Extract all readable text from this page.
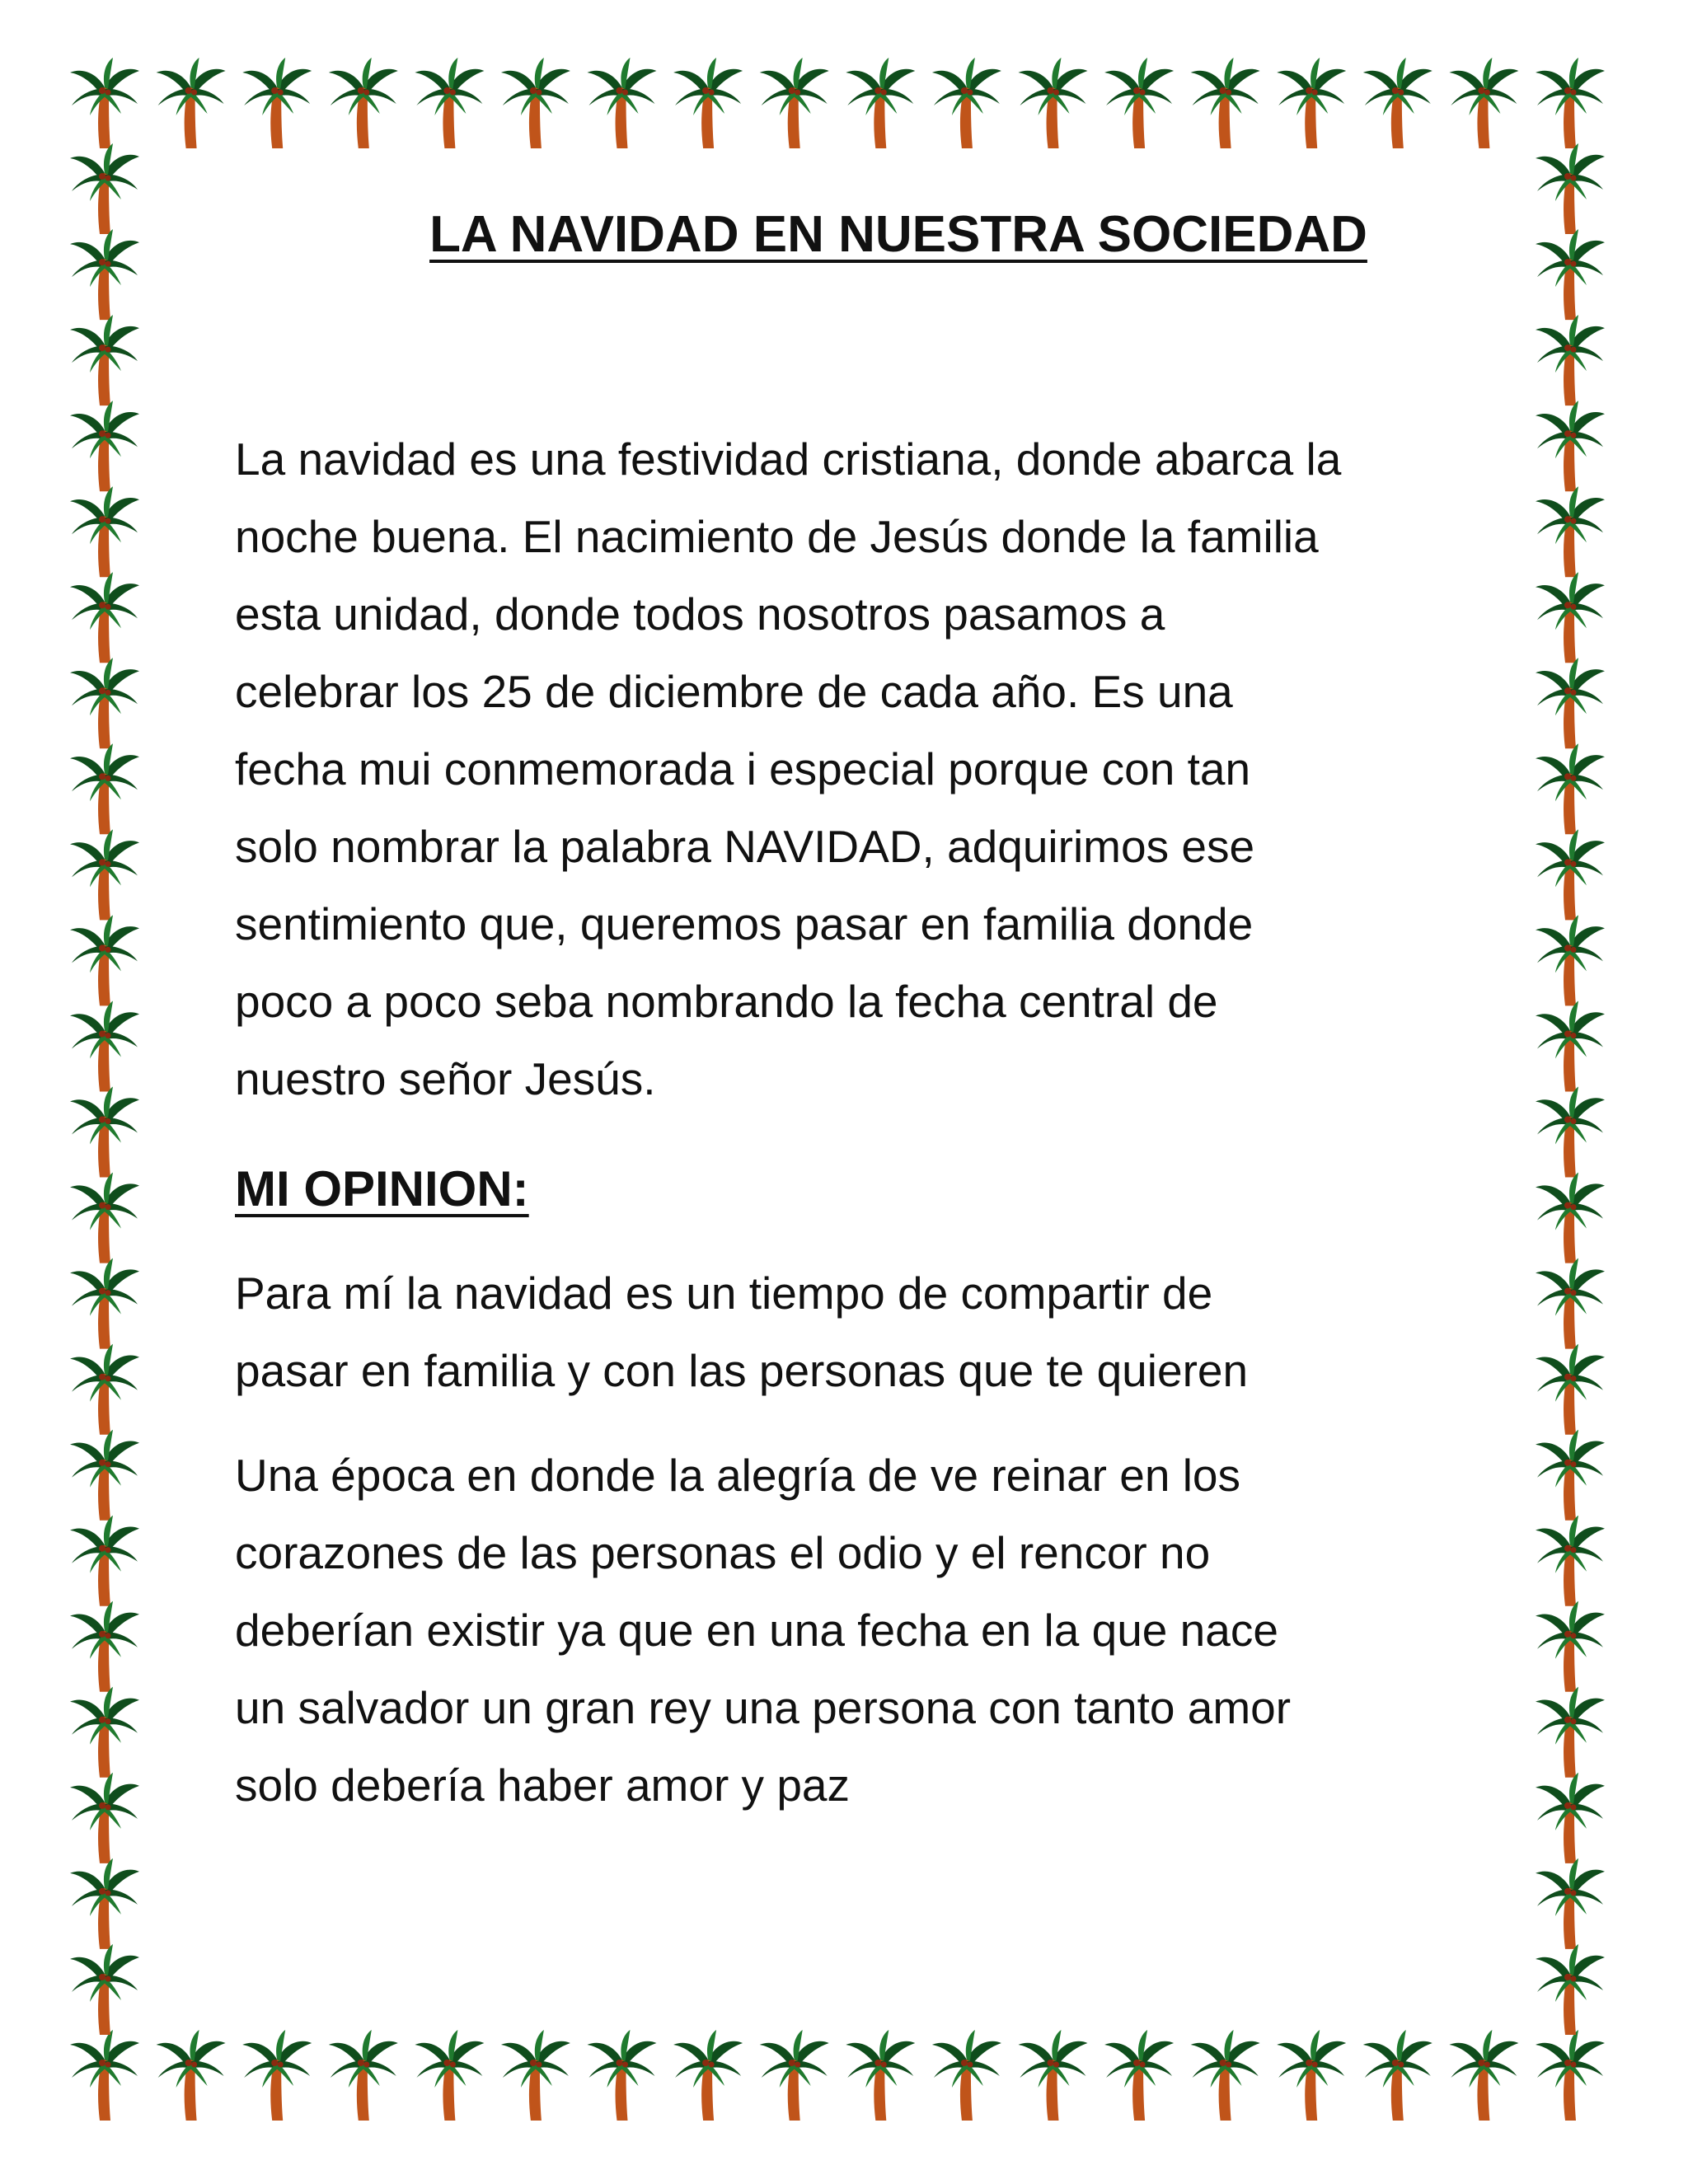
LA NAVIDAD EN NUESTRA SOCIEDAD

La navidad es una festividad cristiana, donde abarca la
noche buena. El nacimiento de Jesús donde la familia
esta unidad, donde todos nosotros pasamos a
celebrar los 25 de diciembre de cada año. Es una
fecha mui conmemorada i especial porque con tan
solo nombrar la palabra NAVIDAD, adquirimos ese
sentimiento que, queremos pasar en familia donde
poco a poco seba nombrando la fecha central de
nuestro señor Jesús.

MI OPINION:

Para mí la navidad es un tiempo de compartir de
pasar en familia y con las personas que te quieren

Una época en donde la alegría de ve reinar en los
corazones de las personas el odio y el rencor no
deberían existir ya que en una fecha en la que nace
un salvador un gran rey una persona con tanto amor
solo debería haber amor y paz
